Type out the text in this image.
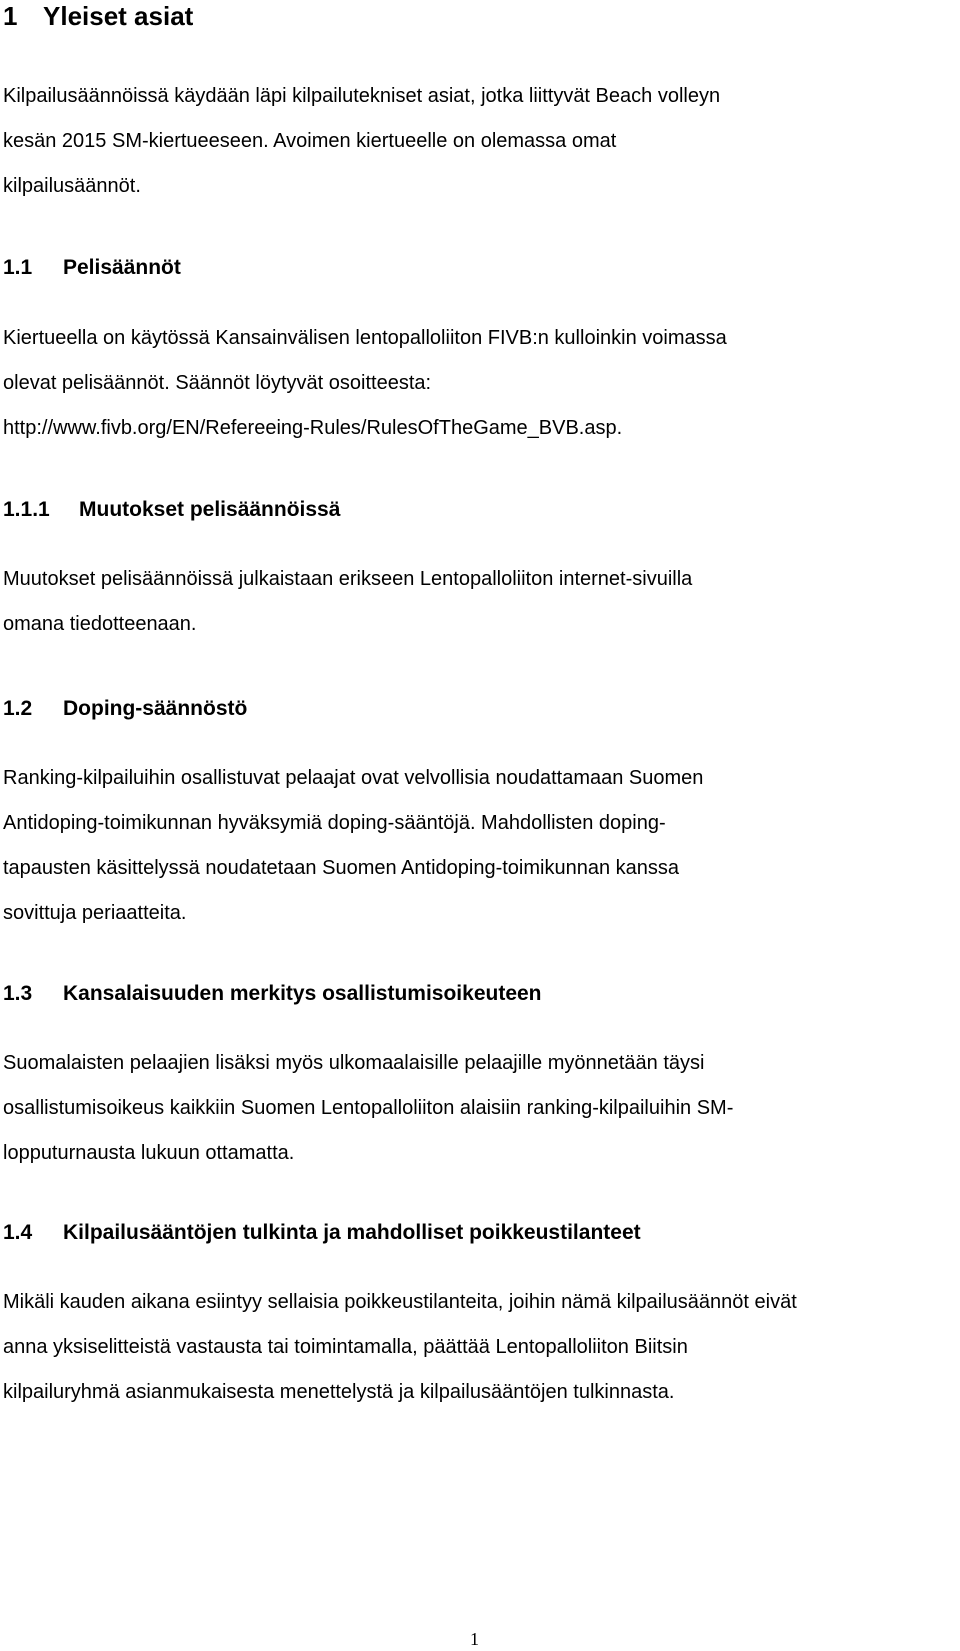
1 Yleiset asiat
Kilpailusäännöissä käydään läpi kilpailutekniset asiat, jotka liittyvät Beach volleyn
kesän 2015 SM-kiertueeseen. Avoimen kiertueelle on olemassa omat
kilpailusäännöt.
1.1 Pelisäännöt
Kiertueella on käytössä Kansainvälisen lentopalloliiton FIVB:n kulloinkin voimassa
olevat pelisäännöt. Säännöt löytyvät osoitteesta:
http://www.fivb.org/EN/Refereeing-Rules/RulesOfTheGame_BVB.asp.
1.1.1 Muutokset pelisäännöissä
Muutokset pelisäännöissä julkaistaan erikseen Lentopalloliiton internet-sivuilla
omana tiedotteenaan.
1.2 Doping-säännöstö
Ranking-kilpailuihin osallistuvat pelaajat ovat velvollisia noudattamaan Suomen
Antidoping-toimikunnan hyväksymiä doping-sääntöjä. Mahdollisten doping-
tapausten käsittelyssä noudatetaan Suomen Antidoping-toimikunnan kanssa
sovittuja periaatteita.
1.3 Kansalaisuuden merkitys osallistumisoikeuteen
Suomalaisten pelaajien lisäksi myös ulkomaalaisille pelaajille myönnetään täysi
osallistumisoikeus kaikkiin Suomen Lentopalloliiton alaisiin ranking-kilpailuihin SM-
lopputurnausta lukuun ottamatta.
1.4 Kilpailusääntöjen tulkinta ja mahdolliset poikkeustilanteet
Mikäli kauden aikana esiintyy sellaisia poikkeustilanteita, joihin nämä kilpailusäännöt eivät
anna yksiselitteistä vastausta tai toimintamalla, päättää Lentopalloliiton Biitsin
kilpailuryhmä asianmukaisesta menettelystä ja kilpailusääntöjen tulkinnasta.
1
